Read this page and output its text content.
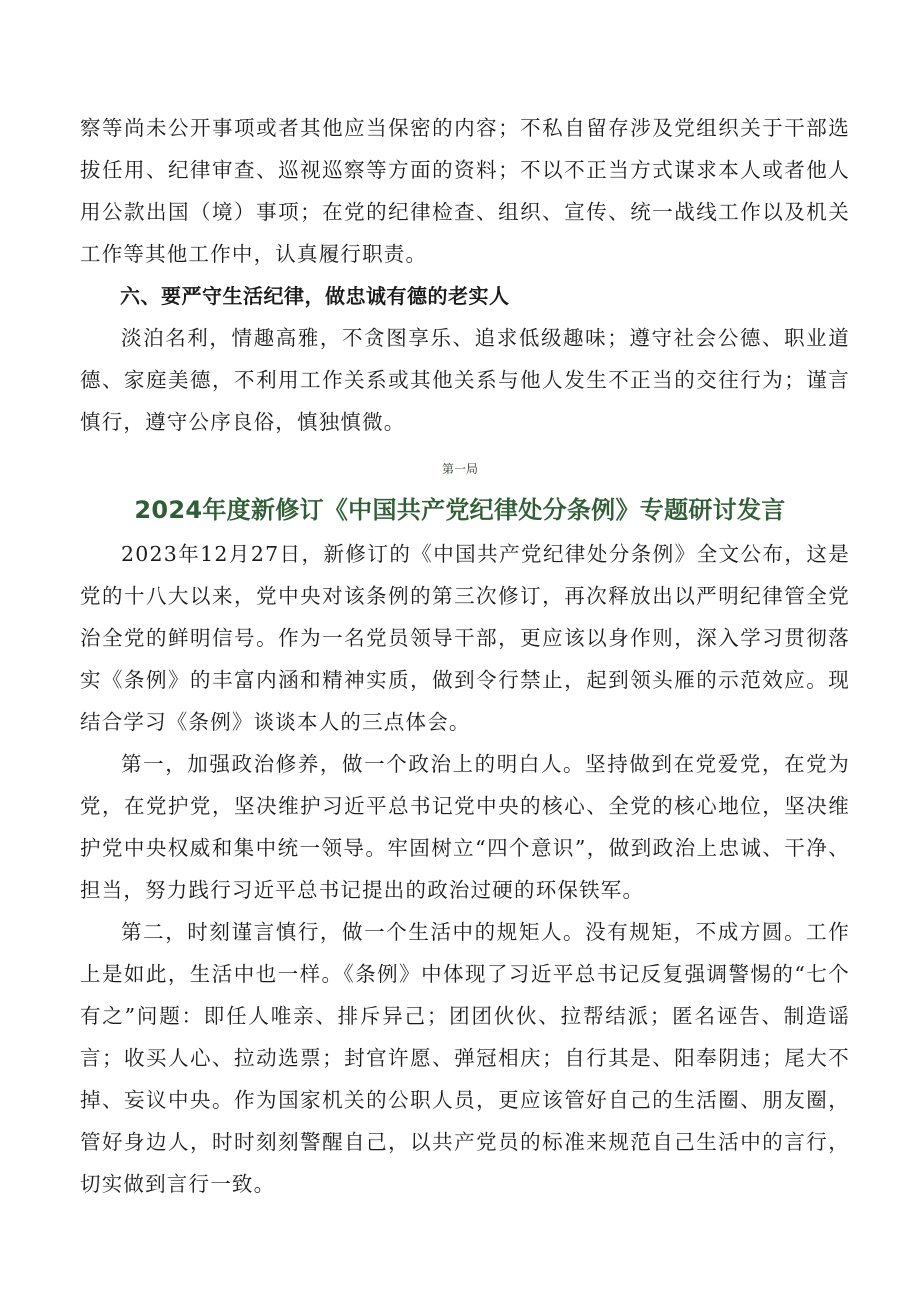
察等尚未公开事项或者其他应当保密的内容；不私自留存涉及党组织关于干部选拔任用、纪律审查、巡视巡察等方面的资料；不以不正当方式谋求本人或者他人用公款出国（境）事项；在党的纪律检查、组织、宣传、统一战线工作以及机关工作等其他工作中，认真履行职责。

六、要严守生活纪律，做忠诚有德的老实人

淡泊名利，情趣高雅，不贪图享乐、追求低级趣味；遵守社会公德、职业道德、家庭美德，不利用工作关系或其他关系与他人发生不正当的交往行为；谨言慎行，遵守公序良俗，慎独慎微。

第一局

2024年度新修订《中国共产党纪律处分条例》专题研讨发言

2023年12月27日，新修订的《中国共产党纪律处分条例》全文公布，这是党的十八大以来，党中央对该条例的第三次修订，再次释放出以严明纪律管全党治全党的鲜明信号。作为一名党员领导干部，更应该以身作则，深入学习贯彻落实《条例》的丰富内涵和精神实质，做到令行禁止，起到领头雁的示范效应。现结合学习《条例》谈谈本人的三点体会。

第一，加强政治修养，做一个政治上的明白人。坚持做到在党爱党，在党为党，在党护党，坚决维护习近平总书记党中央的核心、全党的核心地位，坚决维护党中央权威和集中统一领导。牢固树立“四个意识”，做到政治上忠诚、干净、担当，努力践行习近平总书记提出的政治过硬的环保铁军。

第二，时刻谨言慎行，做一个生活中的规矩人。没有规矩，不成方圆。工作上是如此，生活中也一样。《条例》中体现了习近平总书记反复强调警惕的“七个有之”问题：即任人唯亲、排斥异己；团团伙伙、拉帮结派；匿名诬告、制造谣言；收买人心、拉动选票；封官许愿、弹冠相庆；自行其是、阳奉阴违；尾大不掉、妄议中央。作为国家机关的公职人员，更应该管好自己的生活圈、朋友圈，管好身边人，时时刻刻警醒自己，以共产党员的标准来规范自己生活中的言行，切实做到言行一致。
